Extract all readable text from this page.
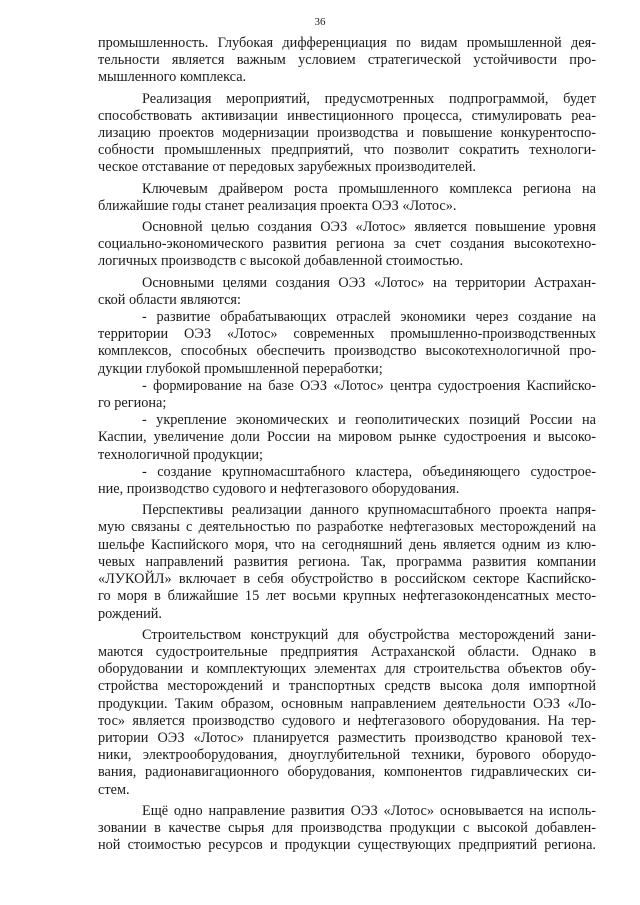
36
промышленность. Глубокая дифференциация по видам промышленной дея-
тельности является важным условием стратегической устойчивости про-
мышленного комплекса.
Реализация мероприятий, предусмотренных подпрограммой, будет
способствовать активизации инвестиционного процесса, стимулировать реа-
лизацию проектов модернизации производства и повышение конкурентоспо-
собности промышленных предприятий, что позволит сократить технологи-
ческое отставание от передовых зарубежных производителей.
Ключевым драйвером роста промышленного комплекса региона на
ближайшие годы станет реализация проекта ОЭЗ «Лотос».
Основной целью создания ОЭЗ «Лотос» является повышение уровня
социально-экономического развития региона за счет создания высокотехно-
логичных производств с высокой добавленной стоимостью.
Основными целями создания ОЭЗ «Лотос» на территории Астрахан-
ской области являются:
- развитие обрабатывающих отраслей экономики через создание на
территории ОЭЗ «Лотос» современных промышленно-производственных
комплексов, способных обеспечить производство высокотехнологичной про-
дукции глубокой промышленной переработки;
- формирование на базе ОЭЗ «Лотос» центра судостроения Каспийско-
го региона;
- укрепление экономических и геополитических позиций России на
Каспии, увеличение доли России на мировом рынке судостроения и высоко-
технологичной продукции;
- создание крупномасштабного кластера, объединяющего судострое-
ние, производство судового и нефтегазового оборудования.
Перспективы реализации данного крупномасштабного проекта напря-
мую связаны с деятельностью по разработке нефтегазовых месторождений на
шельфе Каспийского моря, что на сегодняшний день является одним из клю-
чевых направлений развития региона. Так, программа развития компании
«ЛУКОЙЛ» включает в себя обустройство в российском секторе Каспийско-
го моря в ближайшие 15 лет восьми крупных нефтегазоконденсатных место-
рождений.
Строительством конструкций для обустройства месторождений зани-
маются судостроительные предприятия Астраханской области. Однако в
оборудовании и комплектующих элементах для строительства объектов обу-
стройства месторождений и транспортных средств высока доля импортной
продукции. Таким образом, основным направлением деятельности ОЭЗ «Ло-
тос» является производство судового и нефтегазового оборудования. На тер-
ритории ОЭЗ «Лотос» планируется разместить производство крановой тех-
ники, электрооборудования, дноуглубительной техники, бурового оборудо-
вания, радионавигационного оборудования, компонентов гидравлических си-
стем.
Ещё одно направление развития ОЭЗ «Лотос» основывается на исполь-
зовании в качестве сырья для производства продукции с высокой добавлен-
ной стоимостью ресурсов и продукции существующих предприятий региона.
